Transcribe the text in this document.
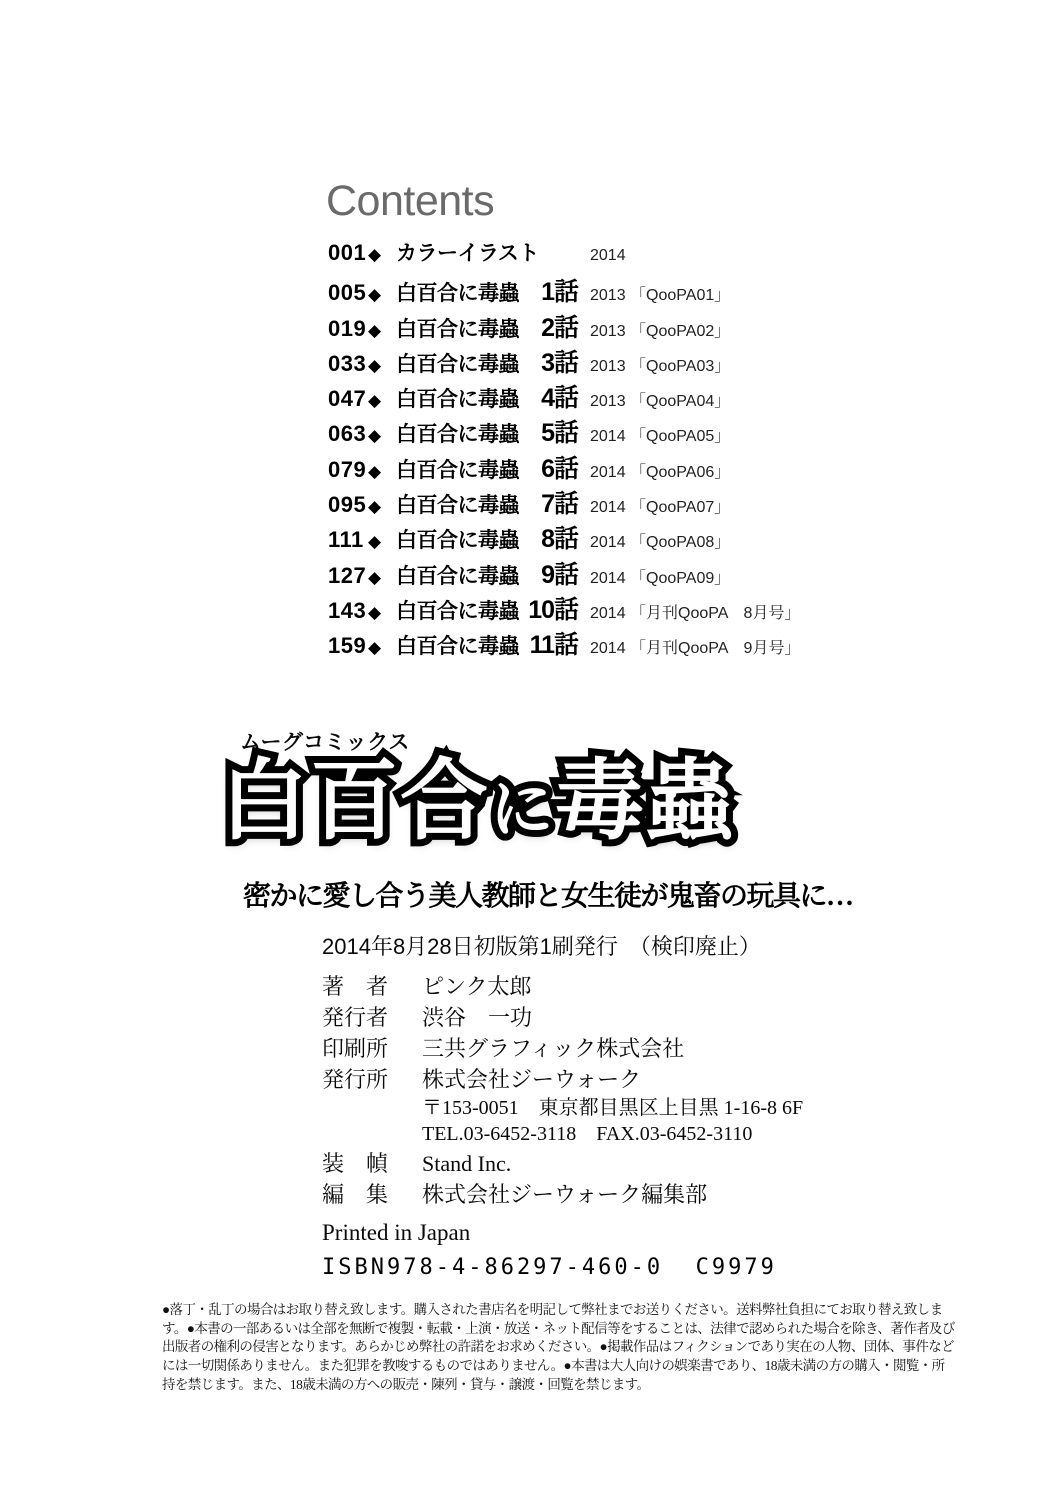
Contents
001 ◆ カラーイラスト	2014
005 ◆ 白百合に毒蟲 1話 2013 「QooPA01」
019 ◆ 白百合に毒蟲 2話 2013 「QooPA02」
033 ◆ 白百合に毒蟲 3話 2013 「QooPA03」
047 ◆ 白百合に毒蟲 4話 2013 「QooPA04」
063 ◆ 白百合に毒蟲 5話 2014 「QooPA05」
079 ◆ 白百合に毒蟲 6話 2014 「QooPA06」
095 ◆ 白百合に毒蟲 7話 2014 「QooPA07」
111 ◆ 白百合に毒蟲 8話 2014 「QooPA08」
127 ◆ 白百合に毒蟲 9話 2014 「QooPA09」
143 ◆ 白百合に毒蟲 10話 2014 「月刊QooPA　8月号」
159 ◆ 白百合に毒蟲 11話 2014 「月刊QooPA　9月号」
ムーグコミックス
白百合に毒蟲
密かに愛し合う美人教師と女生徒が鬼畜の玩具に…
2014年8月28日初版第1刷発行　（検印廃止）
著　者 ピンク太郎
発行者 渋谷　一功
印刷所 三共グラフィック株式会社
発行所 株式会社ジーウォーク
〒153-0051　東京都目黒区上目黒 1-16-8 6F
TEL.03-6452-3118　FAX.03-6452-3110
装　幀 Stand Inc.
編　集 株式会社ジーウォーク編集部
Printed in Japan
ISBN978-4-86297-460-0  C9979
●落丁・乱丁の場合はお取り替え致します。購入された書店名を明記して弊社までお送りください。送料弊社負担にてお取り替え致しま
す。●本書の一部あるいは全部を無断で複製・転載・上演・放送・ネット配信等をすることは、法律で認められた場合を除き、著作者及び
出版者の権利の侵害となります。あらかじめ弊社の許諾をお求めください。●掲載作品はフィクションであり実在の人物、団体、事件など
には一切関係ありません。また犯罪を教唆するものではありません。●本書は大人向けの娯楽書であり、18歳未満の方の購入・閲覧・所
持を禁じます。また、18歳未満の方への販売・陳列・貸与・譲渡・回覧を禁じます。
